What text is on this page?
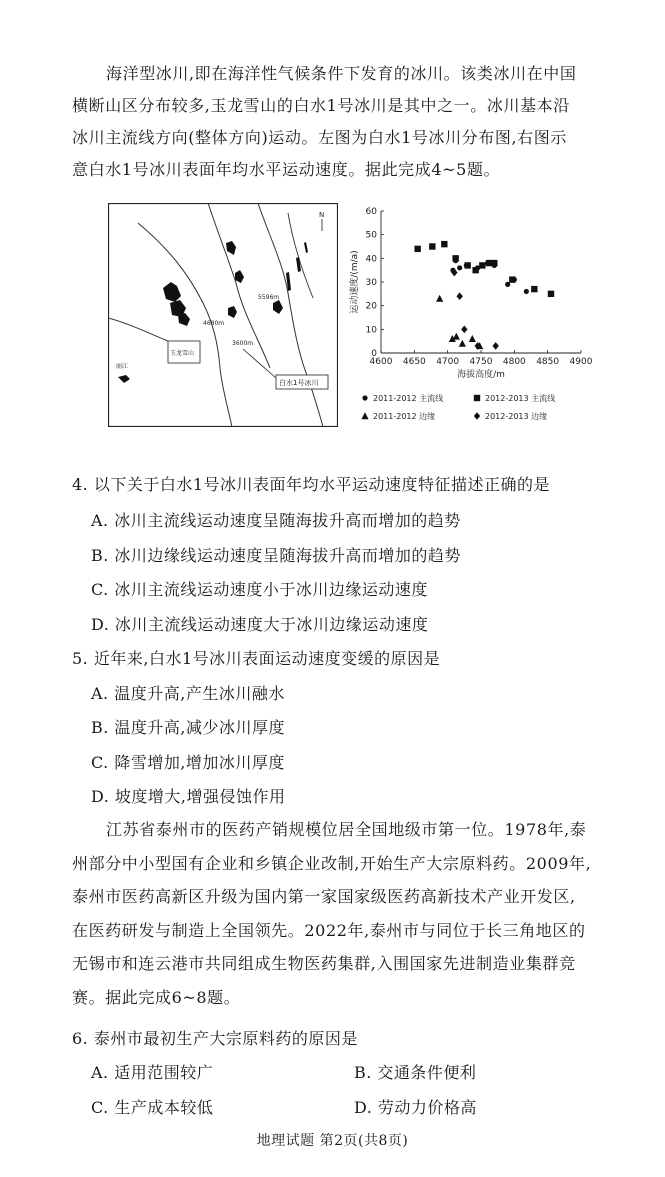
海洋型冰川,即在海洋性气候条件下发育的冰川。该类冰川在中国
横断山区分布较多,玉龙雪山的白水1号冰川是其中之一。冰川基本沿
冰川主流线方向(整体方向)运动。左图为白水1号冰川分布图,右图示
意白水1号冰川表面年均水平运动速度。据此完成4~5题。
5596m
4680m
3600m
玉龙雪山
白水1号冰川
丽江
N
4600 4650 4700 4750 4800 4850 4900
0
10
20
30
40
50
60
海拔高度/m
运动速度/(m/a)
2011-2012 主流线	2012-2013 主流线
2011-2012 边缘	2012-2013 边缘
4. 以下关于白水1号冰川表面年均水平运动速度特征描述正确的是
A. 冰川主流线运动速度呈随海拔升高而增加的趋势
B. 冰川边缘线运动速度呈随海拔升高而增加的趋势
C. 冰川主流线运动速度小于冰川边缘运动速度
D. 冰川主流线运动速度大于冰川边缘运动速度
5. 近年来,白水1号冰川表面运动速度变缓的原因是
A. 温度升高,产生冰川融水
B. 温度升高,减少冰川厚度
C. 降雪增加,增加冰川厚度
D. 坡度增大,增强侵蚀作用
江苏省泰州市的医药产销规模位居全国地级市第一位。1978年,泰
州部分中小型国有企业和乡镇企业改制,开始生产大宗原料药。2009年,
泰州市医药高新区升级为国内第一家国家级医药高新技术产业开发区,
在医药研发与制造上全国领先。2022年,泰州市与同位于长三角地区的
无锡市和连云港市共同组成生物医药集群,入围国家先进制造业集群竞
赛。据此完成6~8题。
6. 泰州市最初生产大宗原料药的原因是
A. 适用范围较广	B. 交通条件便利
C. 生产成本较低	D. 劳动力价格高
地理试题 第2页(共8页)
